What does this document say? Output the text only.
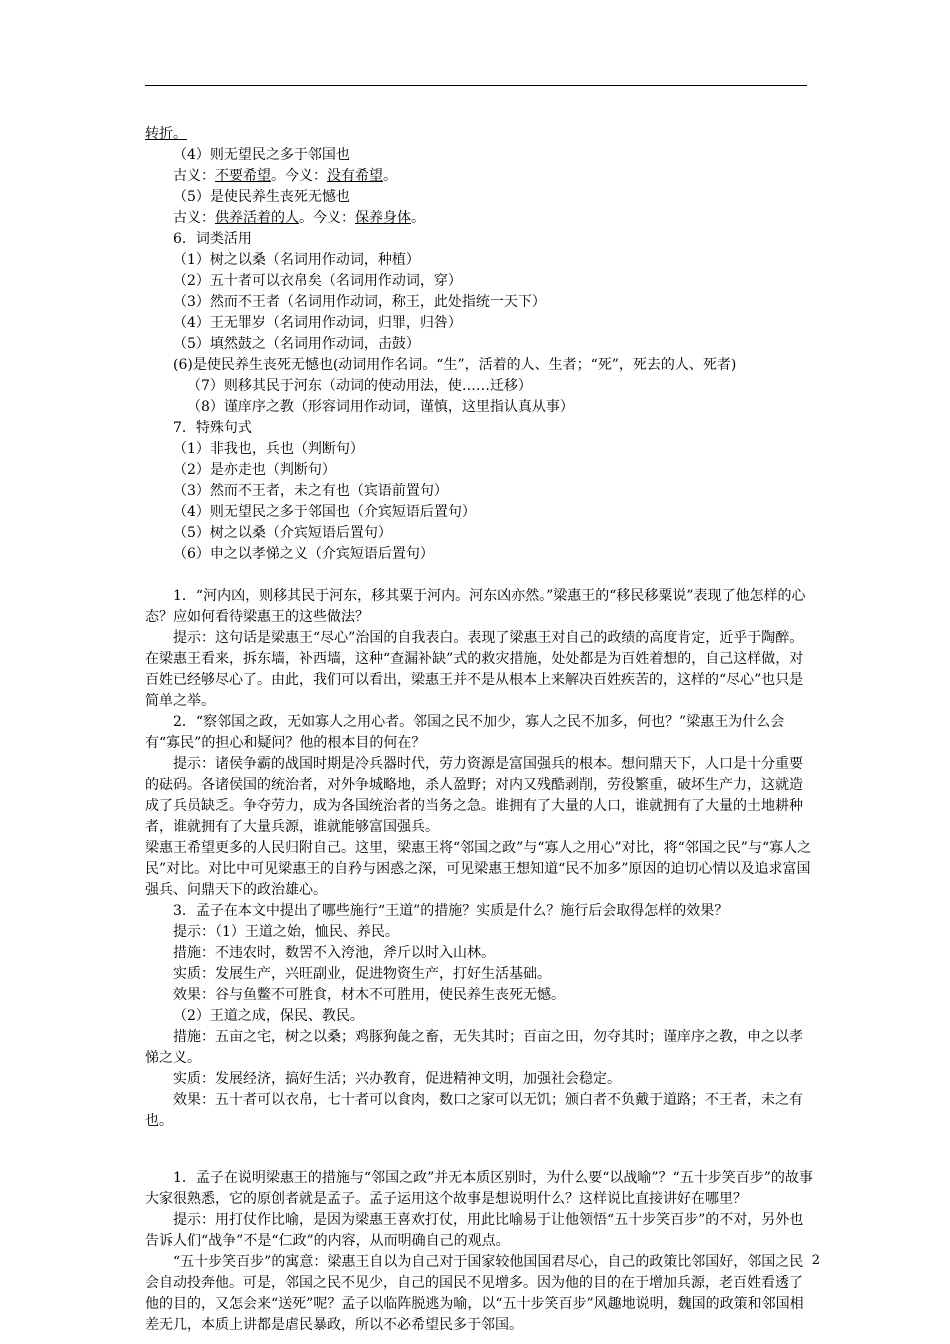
转折。

（4）则无望民之多于邻国也

古义：不要希望。今义：没有希望。

（5）是使民养生丧死无憾也

古义：供养活着的人。今义：保养身体。

6．词类活用

（1）树之以桑（名词用作动词，种植）

（2）五十者可以衣帛矣（名词用作动词，穿）

（3）然而不王者（名词用作动词，称王，此处指统一天下）

（4）王无罪岁（名词用作动词，归罪，归咎）

（5）填然鼓之（名词用作动词，击鼓）

(6)是使民养生丧死无憾也(动词用作名词。“生”，活着的人、生者；“死”，死去的人、死者)

（7）则移其民于河东（动词的使动用法，使……迁移）

（8）谨庠序之教（形容词用作动词，谨慎，这里指认真从事）

7．特殊句式

（1）非我也，兵也（判断句）

（2）是亦走也（判断句）

（3）然而不王者，未之有也（宾语前置句）

（4）则无望民之多于邻国也（介宾短语后置句）

（5）树之以桑（介宾短语后置句）

（6）申之以孝悌之义（介宾短语后置句）

1．“河内凶，则移其民于河东，移其粟于河内。河东凶亦然。”梁惠王的“移民移粟说”表现了他怎样的心态？应如何看待梁惠王的这些做法？

提示：这句话是梁惠王“尽心”治国的自我表白。表现了梁惠王对自己的政绩的高度肯定，近乎于陶醉。在梁惠王看来，拆东墙，补西墙，这种“查漏补缺”式的救灾措施，处处都是为百姓着想的，自己这样做，对百姓已经够尽心了。由此，我们可以看出，梁惠王并不是从根本上来解决百姓疾苦的，这样的“尽心”也只是简单之举。

2．“察邻国之政，无如寡人之用心者。邻国之民不加少，寡人之民不加多，何也？”梁惠王为什么会有“寡民”的担心和疑问？他的根本目的何在？

提示：诸侯争霸的战国时期是冷兵器时代，劳力资源是富国强兵的根本。想问鼎天下，人口是十分重要的砝码。各诸侯国的统治者，对外争城略地，杀人盈野；对内又残酷剥削，劳役繁重，破坏生产力，这就造成了兵员缺乏。争夺劳力，成为各国统治者的当务之急。谁拥有了大量的人口，谁就拥有了大量的土地耕种者，谁就拥有了大量兵源，谁就能够富国强兵。

梁惠王希望更多的人民归附自己。这里，梁惠王将“邻国之政”与“寡人之用心”对比，将“邻国之民”与“寡人之民”对比。对比中可见梁惠王的自矜与困惑之深，可见梁惠王想知道“民不加多”原因的迫切心情以及追求富国强兵、问鼎天下的政治雄心。

3．孟子在本文中提出了哪些施行“王道”的措施？实质是什么？施行后会取得怎样的效果？

提示：（1）王道之始，恤民、养民。

措施：不违农时，数罟不入洿池，斧斤以时入山林。

实质：发展生产，兴旺副业，促进物资生产，打好生活基础。

效果：谷与鱼鳖不可胜食，材木不可胜用，使民养生丧死无憾。

（2）王道之成，保民、教民。

措施：五亩之宅，树之以桑；鸡豚狗彘之畜，无失其时；百亩之田，勿夺其时；谨庠序之教，申之以孝悌之义。

实质：发展经济，搞好生活；兴办教育，促进精神文明，加强社会稳定。

效果：五十者可以衣帛，七十者可以食肉，数口之家可以无饥；颁白者不负戴于道路；不王者，未之有也。

1．孟子在说明梁惠王的措施与“邻国之政”并无本质区别时，为什么要“以战喻”？“五十步笑百步”的故事大家很熟悉，它的原创者就是孟子。孟子运用这个故事是想说明什么？这样说比直接讲好在哪里？

提示：用打仗作比喻，是因为梁惠王喜欢打仗，用此比喻易于让他领悟“五十步笑百步”的不对，另外也告诉人们“战争”不是“仁政”的内容，从而明确自己的观点。

“五十步笑百步”的寓意：梁惠王自以为自己对于国家较他国国君尽心，自己的政策比邻国好，邻国之民会自动投奔他。可是，邻国之民不见少，自己的国民不见增多。因为他的目的在于增加兵源，老百姓看透了他的目的，又怎会来“送死”呢？孟子以临阵脱逃为喻，以“五十步笑百步”风趣地说明，魏国的政策和邻国相差无几，本质上讲都是虐民暴政，所以不必希望民多于邻国。

2
